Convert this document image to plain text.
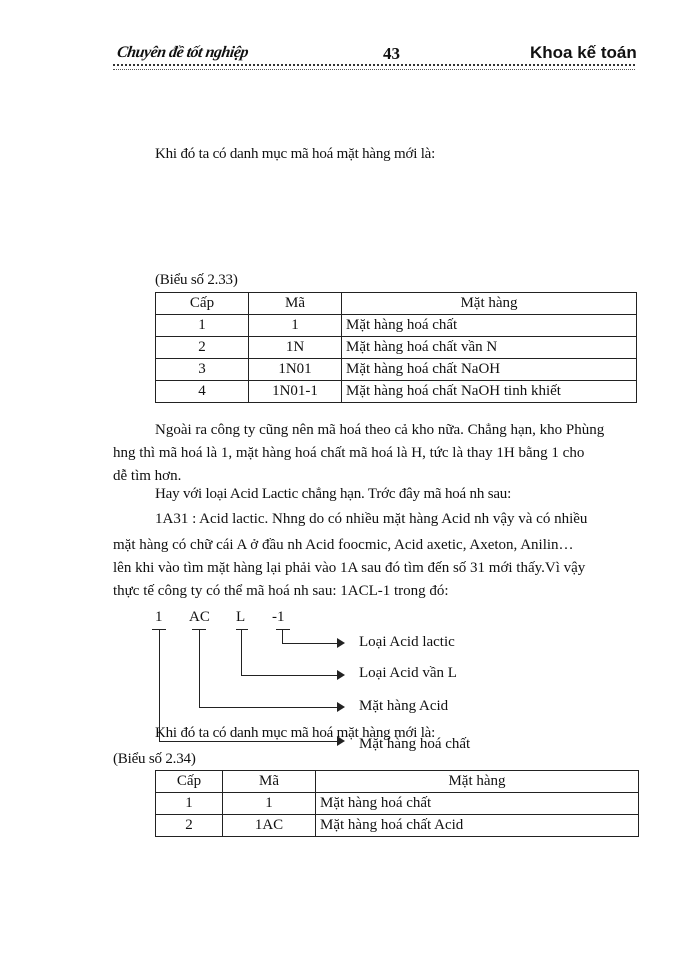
Chuyên đề tốt nghiệp	43	Khoa kế toán
Khi đó ta có danh mục mã hoá mặt hàng mới là:
(Biểu số 2.33)
Cấp	Mã	Mặt hàng
1	1	Mặt hàng hoá chất
2	1N	Mặt hàng hoá chất vần N
3	1N01	Mặt hàng hoá chất NaOH
4	1N01-1	Mặt hàng hoá chất NaOH tinh khiết
Ngoài ra công ty cũng nên mã hoá theo cả kho nữa. Chẳng hạn, kho Phùng
hng thì mã hoá là 1, mặt hàng hoá chất mã hoá là H, tức là thay 1H bằng 1 cho
dễ tìm hơn.
Hay với loại Acid Lactic chẳng hạn. Trớc đây mã hoá nh sau:
1A31 : Acid lactic. Nhng do có nhiều mặt hàng Acid nh vậy và có nhiều
mặt hàng có chữ cái A ở đầu nh Acid foocmic, Acid axetic, Axeton, Anilin…
lên khi vào tìm mặt hàng lại phải vào 1A sau đó tìm đến số 31 mới thấy.Vì vậy
thực tế công ty có thể mã hoá nh sau: 1ACL-1 trong đó:
1 AC L -1
Loại Acid lactic
Loại Acid vần L
Mặt hàng Acid
Mặt hàng hoá chất
Khi đó ta có danh mục mã hoá mặt hàng mới là:
(Biểu số 2.34)
Cấp	Mã	Mặt hàng
1	1	Mặt hàng hoá chất
2	1AC	Mặt hàng hoá chất Acid
